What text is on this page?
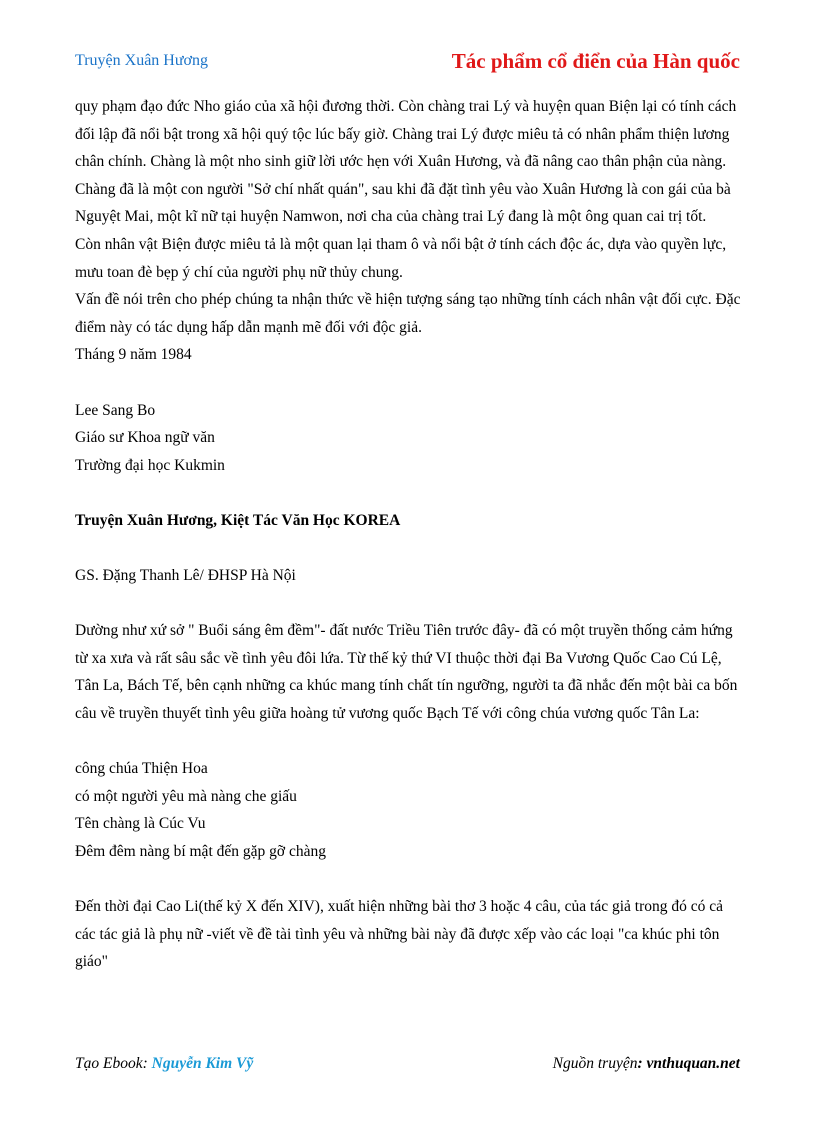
Truyện Xuân Hương	Tác phẩm cổ điển của Hàn quốc

quy phạm đạo đức Nho giáo của xã hội đương thời. Còn chàng trai Lý và huyện quan Biện lại có tính cách đối lập đã nổi bật trong xã hội quý tộc lúc bấy giờ. Chàng trai Lý được miêu tả có nhân phẩm thiện lương chân chính. Chàng là một nho sinh giữ lời ước hẹn với Xuân Hương, và đã nâng cao thân phận của nàng. Chàng đã là một con người "Sở chí nhất quán", sau khi đã đặt tình yêu vào Xuân Hương là con gái của bà Nguyệt Mai, một kĩ nữ tại huyện Namwon, nơi cha của chàng trai Lý đang là một ông quan cai trị tốt.

Còn nhân vật Biện được miêu tả là một quan lại tham ô và nổi bật ở tính cách độc ác, dựa vào quyền lực, mưu toan đè bẹp ý chí của người phụ nữ thủy chung.

Vấn đề nói trên cho phép chúng ta nhận thức về hiện tượng sáng tạo những tính cách nhân vật đối cực. Đặc điểm này có tác dụng hấp dẫn mạnh mẽ đối với độc giả.

Tháng 9 năm 1984

Lee Sang Bo

Giáo sư Khoa ngữ văn

Trường đại học Kukmin

Truyện Xuân Hương, Kiệt Tác Văn Học KOREA

GS. Đặng Thanh Lê/ ĐHSP Hà Nội

Dường như xứ sở " Buổi sáng êm đềm"- đất nước Triều Tiên trước đây- đã có một truyền thống cảm hứng từ xa xưa và rất sâu sắc về tình yêu đôi lứa. Từ thế kỷ thứ VI thuộc thời đại Ba Vương Quốc Cao Cú Lệ, Tân La, Bách Tế, bên cạnh những ca khúc mang tính chất tín ngưỡng, người ta đã nhắc đến một bài ca bốn câu về truyền thuyết tình yêu giữa hoàng tử vương quốc Bạch Tế với công chúa vương quốc Tân La:

công chúa Thiện Hoa

có một người yêu mà nàng che giấu

Tên chàng là Cúc Vu

Đêm đêm nàng bí mật đến gặp gỡ chàng

Đến thời đại Cao Li(thế kỷ X đến XIV), xuất hiện những bài thơ 3 hoặc 4 câu, của tác giả trong đó có cả các tác giả là phụ nữ -viết về đề tài tình yêu và những bài này đã được xếp vào các loại "ca khúc phi tôn giáo"

Tạo Ebook: Nguyễn Kim Vỹ	Nguồn truyện: vnthuquan.net
